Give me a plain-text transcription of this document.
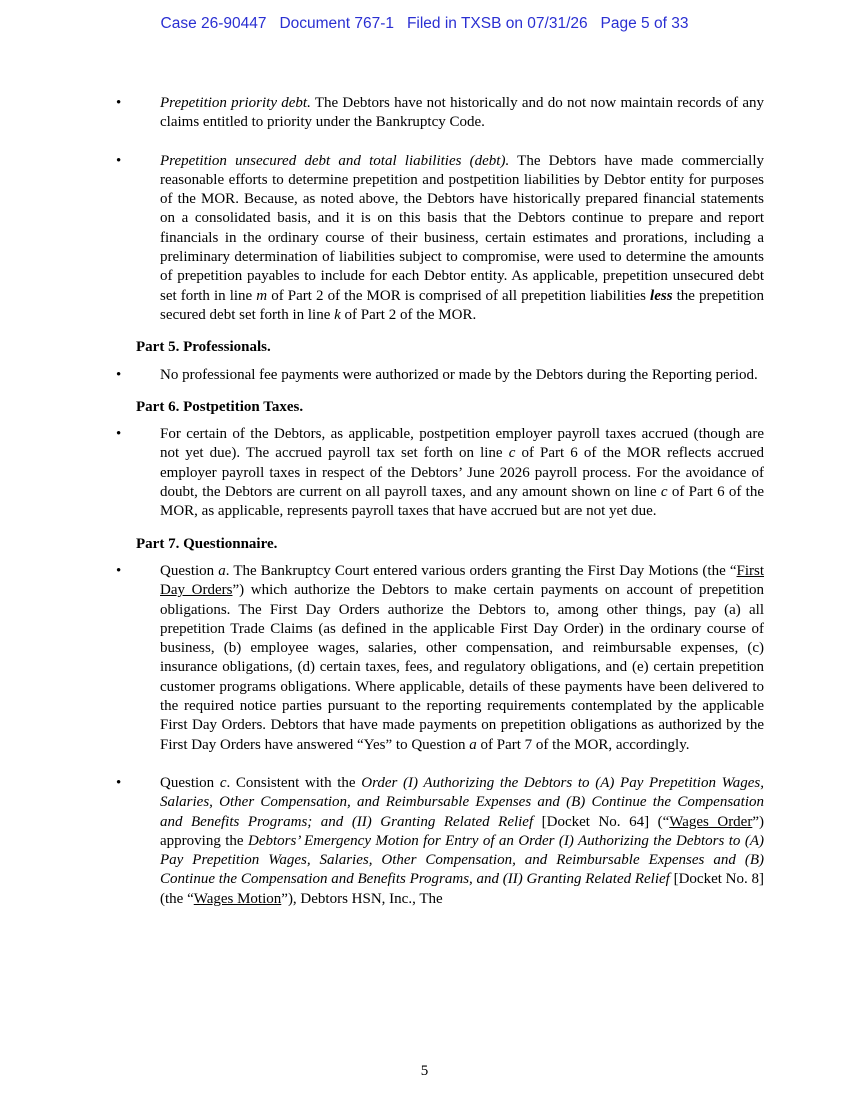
Case 26-90447 Document 767-1 Filed in TXSB on 07/31/26 Page 5 of 33
•	Prepetition priority debt. The Debtors have not historically and do not now maintain records of any claims entitled to priority under the Bankruptcy Code.
•	Prepetition unsecured debt and total liabilities (debt). The Debtors have made commercially reasonable efforts to determine prepetition and postpetition liabilities by Debtor entity for purposes of the MOR. Because, as noted above, the Debtors have historically prepared financial statements on a consolidated basis, and it is on this basis that the Debtors continue to prepare and report financials in the ordinary course of their business, certain estimates and prorations, including a preliminary determination of liabilities subject to compromise, were used to determine the amounts of prepetition payables to include for each Debtor entity. As applicable, prepetition unsecured debt set forth in line m of Part 2 of the MOR is comprised of all prepetition liabilities less the prepetition secured debt set forth in line k of Part 2 of the MOR.
Part 5. Professionals.
•	No professional fee payments were authorized or made by the Debtors during the Reporting period.
Part 6. Postpetition Taxes.
•	For certain of the Debtors, as applicable, postpetition employer payroll taxes accrued (though are not yet due). The accrued payroll tax set forth on line c of Part 6 of the MOR reflects accrued employer payroll taxes in respect of the Debtors’ June 2026 payroll process. For the avoidance of doubt, the Debtors are current on all payroll taxes, and any amount shown on line c of Part 6 of the MOR, as applicable, represents payroll taxes that have accrued but are not yet due.
Part 7. Questionnaire.
•	Question a. The Bankruptcy Court entered various orders granting the First Day Motions (the “First Day Orders”) which authorize the Debtors to make certain payments on account of prepetition obligations. The First Day Orders authorize the Debtors to, among other things, pay (a) all prepetition Trade Claims (as defined in the applicable First Day Order) in the ordinary course of business, (b) employee wages, salaries, other compensation, and reimbursable expenses, (c) insurance obligations, (d) certain taxes, fees, and regulatory obligations, and (e) certain prepetition customer programs obligations. Where applicable, details of these payments have been delivered to the required notice parties pursuant to the reporting requirements contemplated by the applicable First Day Orders. Debtors that have made payments on prepetition obligations as authorized by the First Day Orders have answered “Yes” to Question a of Part 7 of the MOR, accordingly.
•	Question c. Consistent with the Order (I) Authorizing the Debtors to (A) Pay Prepetition Wages, Salaries, Other Compensation, and Reimbursable Expenses and (B) Continue the Compensation and Benefits Programs; and (II) Granting Related Relief [Docket No. 64] (“Wages Order”) approving the Debtors’ Emergency Motion for Entry of an Order (I) Authorizing the Debtors to (A) Pay Prepetition Wages, Salaries, Other Compensation, and Reimbursable Expenses and (B) Continue the Compensation and Benefits Programs, and (II) Granting Related Relief [Docket No. 8] (the “Wages Motion”), Debtors HSN, Inc., The
5
